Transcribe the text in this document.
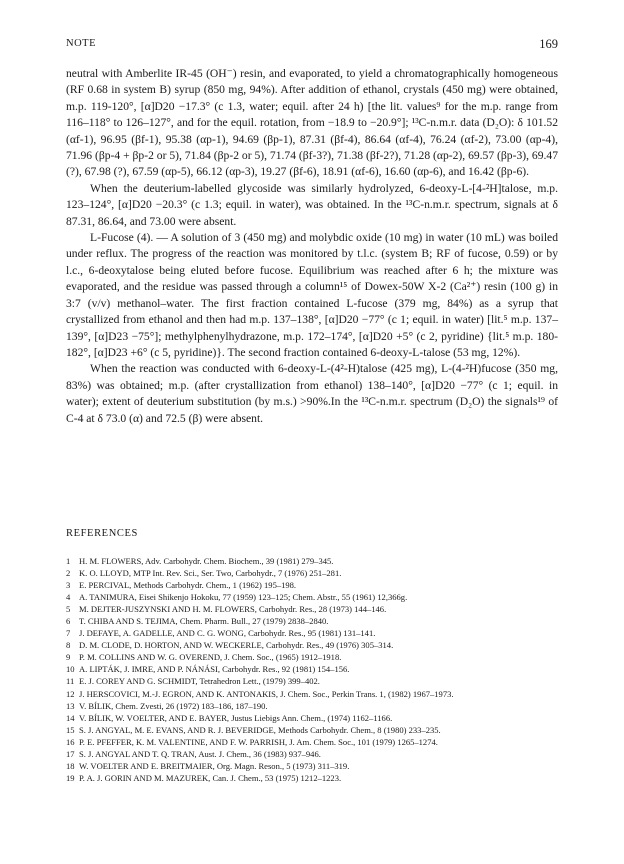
NOTE	169

neutral with Amberlite IR-45 (OH⁻) resin, and evaporated, to yield a chromatographically homogeneous (RF 0.68 in system B) syrup (850 mg, 94%). After addition of ethanol, crystals (450 mg) were obtained, m.p. 119-120°, [α]D20 −17.3° (c 1.3, water; equil. after 24 h) [the lit. values⁹ for the m.p. range from 116–118° to 126–127°, and for the equil. rotation, from −18.9 to −20.9°]; ¹³C-n.m.r. data (D₂O): δ 101.52 (αf-1), 96.95 (βf-1), 95.38 (αp-1), 94.69 (βp-1), 87.31 (βf-4), 86.64 (αf-4), 76.24 (αf-2), 73.00 (αp-4), 71.96 (βp-4 + βp-2 or 5), 71.84 (βp-2 or 5), 71.74 (βf-3?), 71.38 (βf-2?), 71.28 (αp-2), 69.57 (βp-3), 69.47 (?), 67.98 (?), 67.59 (αp-5), 66.12 (αp-3), 19.27 (βf-6), 18.91 (αf-6), 16.60 (αp-6), and 16.42 (βp-6).

When the deuterium-labelled glycoside was similarly hydrolyzed, 6-deoxy-L-[4-²H]talose, m.p. 123–124°, [α]D20 −20.3° (c 1.3; equil. in water), was obtained. In the ¹³C-n.m.r. spectrum, signals at δ 87.31, 86.64, and 73.00 were absent.

L-Fucose (4). — A solution of 3 (450 mg) and molybdic oxide (10 mg) in water (10 mL) was boiled under reflux. The progress of the reaction was monitored by t.l.c. (system B; RF of fucose, 0.59) or by l.c., 6-deoxytalose being eluted before fucose. Equilibrium was reached after 6 h; the mixture was evaporated, and the residue was passed through a column¹⁵ of Dowex-50W X-2 (Ca²⁺) resin (100 g) in 3:7 (v/v) methanol–water. The first fraction contained L-fucose (379 mg, 84%) as a syrup that crystallized from ethanol and then had m.p. 137–138°, [α]D20 −77° (c 1; equil. in water) [lit.⁵ m.p. 137–139°, [α]D23 −75°]; methylphenylhydrazone, m.p. 172–174°, [α]D20 +5° (c 2, pyridine) {lit.⁵ m.p. 180-182°, [α]D23 +6° (c 5, pyridine)}. The second fraction contained 6-deoxy-L-talose (53 mg, 12%).

When the reaction was conducted with 6-deoxy-L-(4²-H)talose (425 mg), L-(4-²H)fucose (350 mg, 83%) was obtained; m.p. (after crystallization from ethanol) 138–140°, [α]D20 −77° (c 1; equil. in water); extent of deuterium substitution (by m.s.) >90%.In the ¹³C-n.m.r. spectrum (D₂O) the signals¹⁹ of C-4 at δ 73.0 (α) and 72.5 (β) were absent.

REFERENCES
1	H. M. FLOWERS, Adv. Carbohydr. Chem. Biochem., 39 (1981) 279–345.
2	K. O. LLOYD, MTP Int. Rev. Sci., Ser. Two, Carbohydr., 7 (1976) 251–281.
3	E. PERCIVAL, Methods Carbohydr. Chem., 1 (1962) 195–198.
4	A. TANIMURA, Eisei Shikenjo Hokoku, 77 (1959) 123–125; Chem. Abstr., 55 (1961) 12,366g.
5	M. DEJTER-JUSZYNSKI AND H. M. FLOWERS, Carbohydr. Res., 28 (1973) 144–146.
6	T. CHIBA AND S. TEJIMA, Chem. Pharm. Bull., 27 (1979) 2838–2840.
7	J. DEFAYE, A. GADELLE, AND C. G. WONG, Carbohydr. Res., 95 (1981) 131–141.
8	D. M. CLODE, D. HORTON, AND W. WECKERLE, Carbohydr. Res., 49 (1976) 305–314.
9	P. M. COLLINS AND W. G. OVEREND, J. Chem. Soc., (1965) 1912–1918.
10 A. LIPTÁK, J. IMRE, AND P. NÁNÁSI, Carbohydr. Res., 92 (1981) 154–156.
11 E. J. COREY AND G. SCHMIDT, Tetrahedron Lett., (1979) 399–402.
12 J. HERSCOVICI, M.-J. EGRON, AND K. ANTONAKIS, J. Chem. Soc., Perkin Trans. 1, (1982) 1967–1973.
13 V. BÍLIK, Chem. Zvesti, 26 (1972) 183–186, 187–190.
14 V. BÍLIK, W. VOELTER, AND E. BAYER, Justus Liebigs Ann. Chem., (1974) 1162–1166.
15 S. J. ANGYAL, M. E. EVANS, AND R. J. BEVERIDGE, Methods Carbohydr. Chem., 8 (1980) 233–235.
16 P. E. PFEFFER, K. M. VALENTINE, AND F. W. PARRISH, J. Am. Chem. Soc., 101 (1979) 1265–1274.
17 S. J. ANGYAL AND T. Q. TRAN, Aust. J. Chem., 36 (1983) 937–946.
18 W. VOELTER AND E. BREITMAIER, Org. Magn. Reson., 5 (1973) 311–319.
19 P. A. J. GORIN AND M. MAZUREK, Can. J. Chem., 53 (1975) 1212–1223.
